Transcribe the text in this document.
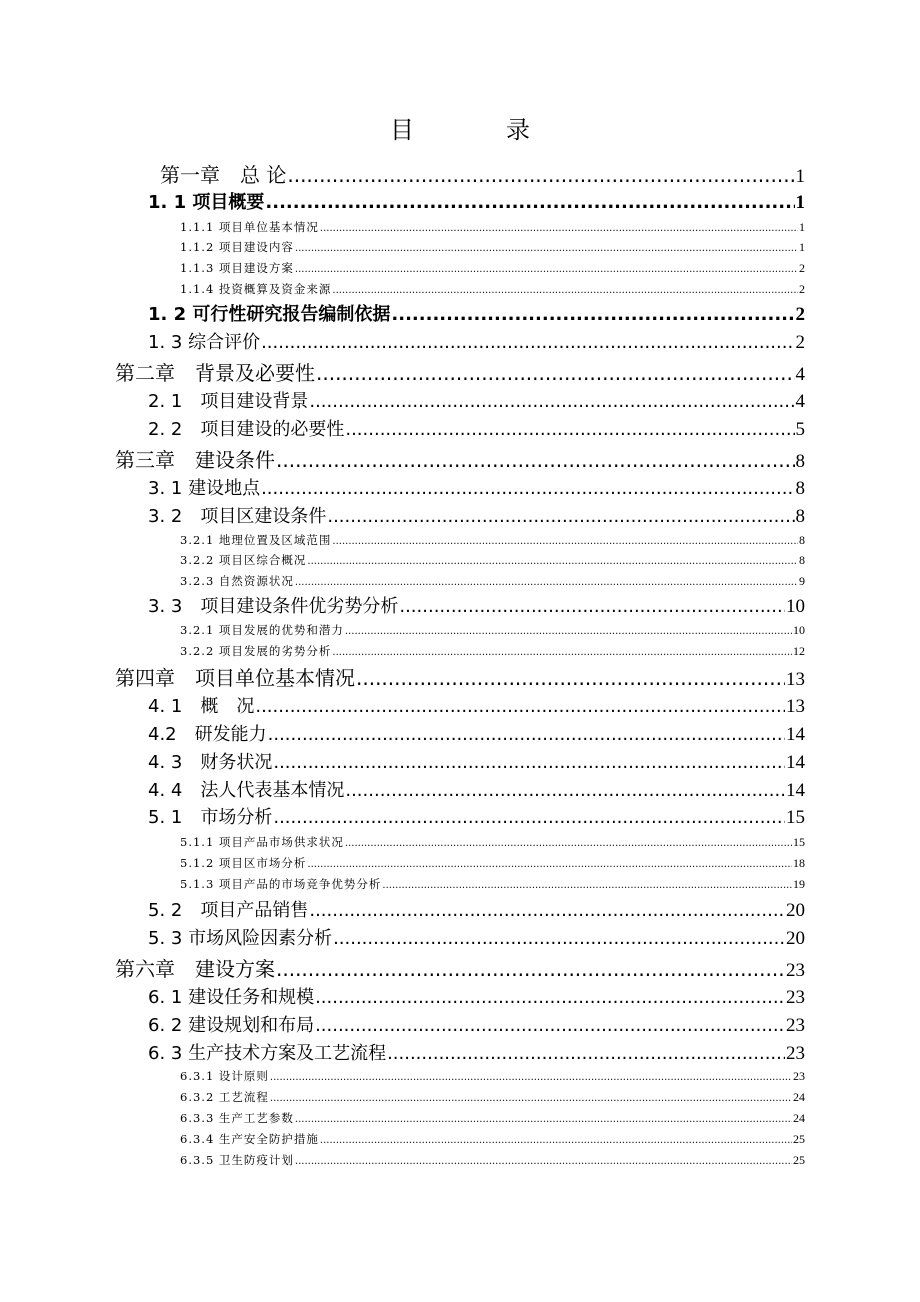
目　录
第一章　总 论 .....	1
1. 1 项目概要 .....	1
1.1.1 项目单位基本情况 .....	1
1.1.2 项目建设内容 .....	1
1.1.3 项目建设方案 .....	2
1.1.4 投资概算及资金来源 .....	2
1. 2 可行性研究报告编制依据 .....	2
1. 3 综合评价 .....	2
第二章　背景及必要性 .....	4
2. 1　项目建设背景 .....	4
2. 2　项目建设的必要性 .....	5
第三章　建设条件 .....	8
3. 1 建设地点 .....	8
3. 2　项目区建设条件 .....	8
3.2.1 地理位置及区域范围 .....	8
3.2.2 项目区综合概况 .....	8
3.2.3 自然资源状况 .....	9
3. 3　项目建设条件优劣势分析 .....	10
3.2.1 项目发展的优势和潜力 .....	10
3.2.2 项目发展的劣势分析 .....	12
第四章　项目单位基本情况 .....	13
4. 1　概　况 .....	13
4.2　研发能力 .....	14
4. 3　财务状况 .....	14
4. 4　法人代表基本情况 .....	14
5. 1　市场分析 .....	15
5.1.1 项目产品市场供求状况 .....	15
5.1.2 项目区市场分析 .....	18
5.1.3 项目产品的市场竞争优势分析 .....	19
5. 2　项目产品销售 .....	20
5. 3 市场风险因素分析 .....	20
第六章　建设方案 .....	23
6. 1 建设任务和规模 .....	23
6. 2 建设规划和布局 .....	23
6. 3 生产技术方案及工艺流程 .....	23
6.3.1 设计原则 .....	23
6.3.2 工艺流程 .....	24
6.3.3 生产工艺参数 .....	24
6.3.4 生产安全防护措施 .....	25
6.3.5 卫生防疫计划 .....	25
